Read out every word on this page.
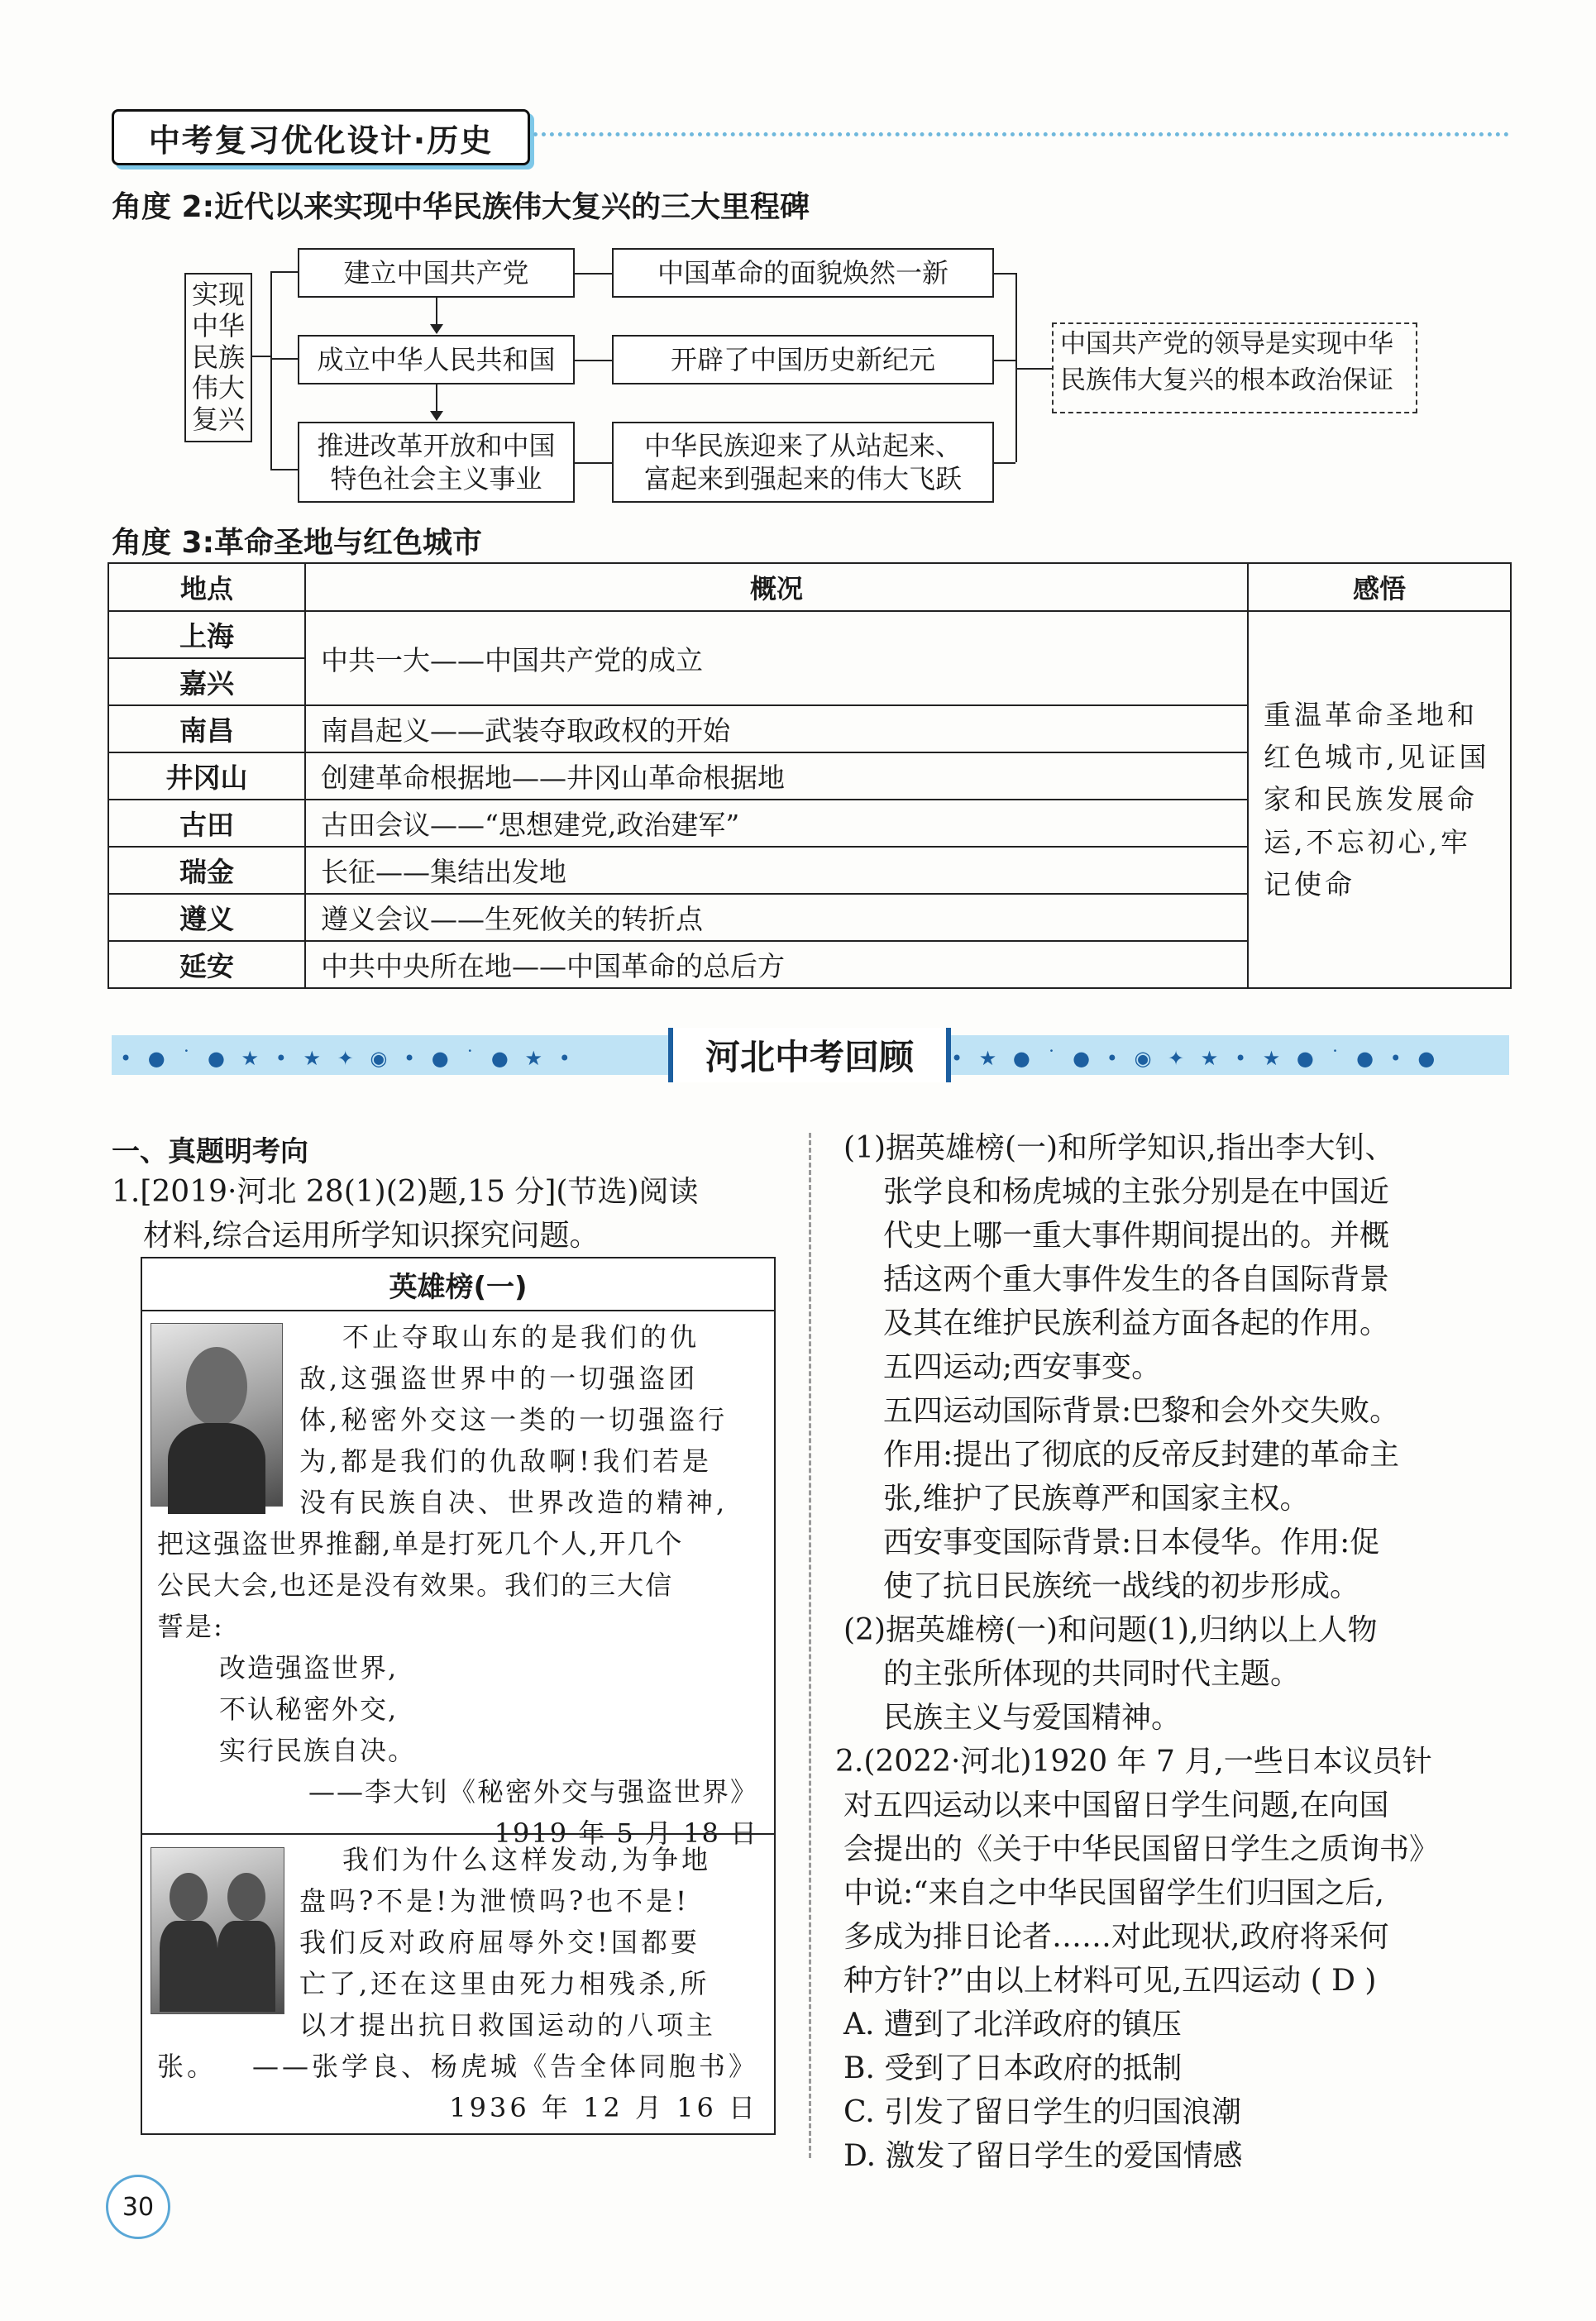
中考复习优化设计·历史
角度 2:近代以来实现中华民族伟大复兴的三大里程碑
实现
中华
民族
伟大
复兴
建立中国共产党
成立中华人民共和国
推进改革开放和中国
特色社会主义事业
中国革命的面貌焕然一新
开辟了中国历史新纪元
中华民族迎来了从站起来、
富起来到强起来的伟大飞跃
中国共产党的领导是实现中华
民族伟大复兴的根本政治保证
角度 3:革命圣地与红色城市
地点	概况	感悟
上海	中共一大——中国共产党的成立	重温革命圣地和红色城市,见证国家和民族发展命运,不忘初心,牢记使命
嘉兴		
南昌	南昌起义——武装夺取政权的开始	
井冈山	创建革命根据地——井冈山革命根据地	
古田	古田会议——“思想建党,政治建军”	
瑞金	长征——集结出发地	
遵义	遵义会议——生死攸关的转折点	
延安	中共中央所在地——中国革命的总后方	
• ● ˙ ● ★ • ★ ✦ ◉ • ● ˙ ● ★ •	• ★ ● ˙ ● • ◉ ✦ ★ • ★ ● ˙ ● • ●
河北中考回顾
一、真题明考向
1.[2019·河北 28(1)(2)题,15 分](节选)阅读
材料,综合运用所学知识探究问题。
英雄榜(一)
不止夺取山东的是我们的仇
敌,这强盗世界中的一切强盗团
体,秘密外交这一类的一切强盗行
为,都是我们的仇敌啊!我们若是
没有民族自决、世界改造的精神,
把这强盗世界推翻,单是打死几个人,开几个
公民大会,也还是没有效果。我们的三大信
誓是:
改造强盗世界,
不认秘密外交,
实行民族自决。
——李大钊《秘密外交与强盗世界》
1919 年 5 月 18 日
我们为什么这样发动,为争地
盘吗?不是!为泄愤吗?也不是!
我们反对政府屈辱外交!国都要
亡了,还在这里由死力相残杀,所
以才提出抗日救国运动的八项主
张。 ——张学良、杨虎城《告全体同胞书》
1936 年 12 月 16 日
(1)据英雄榜(一)和所学知识,指出李大钊、
张学良和杨虎城的主张分别是在中国近
代史上哪一重大事件期间提出的。并概
括这两个重大事件发生的各自国际背景
及其在维护民族利益方面各起的作用。
五四运动;西安事变。
五四运动国际背景:巴黎和会外交失败。
作用:提出了彻底的反帝反封建的革命主
张,维护了民族尊严和国家主权。
西安事变国际背景:日本侵华。作用:促
使了抗日民族统一战线的初步形成。
(2)据英雄榜(一)和问题(1),归纳以上人物
的主张所体现的共同时代主题。
民族主义与爱国精神。
2.(2022·河北)1920 年 7 月,一些日本议员针
对五四运动以来中国留日学生问题,在向国
会提出的《关于中华民国留日学生之质询书》
中说:“来自之中华民国留学生们归国之后,
多成为排日论者……对此现状,政府将采何
种方针?”由以上材料可见,五四运动 ( D )
A. 遭到了北洋政府的镇压
B. 受到了日本政府的抵制
C. 引发了留日学生的归国浪潮
D. 激发了留日学生的爱国情感
30
